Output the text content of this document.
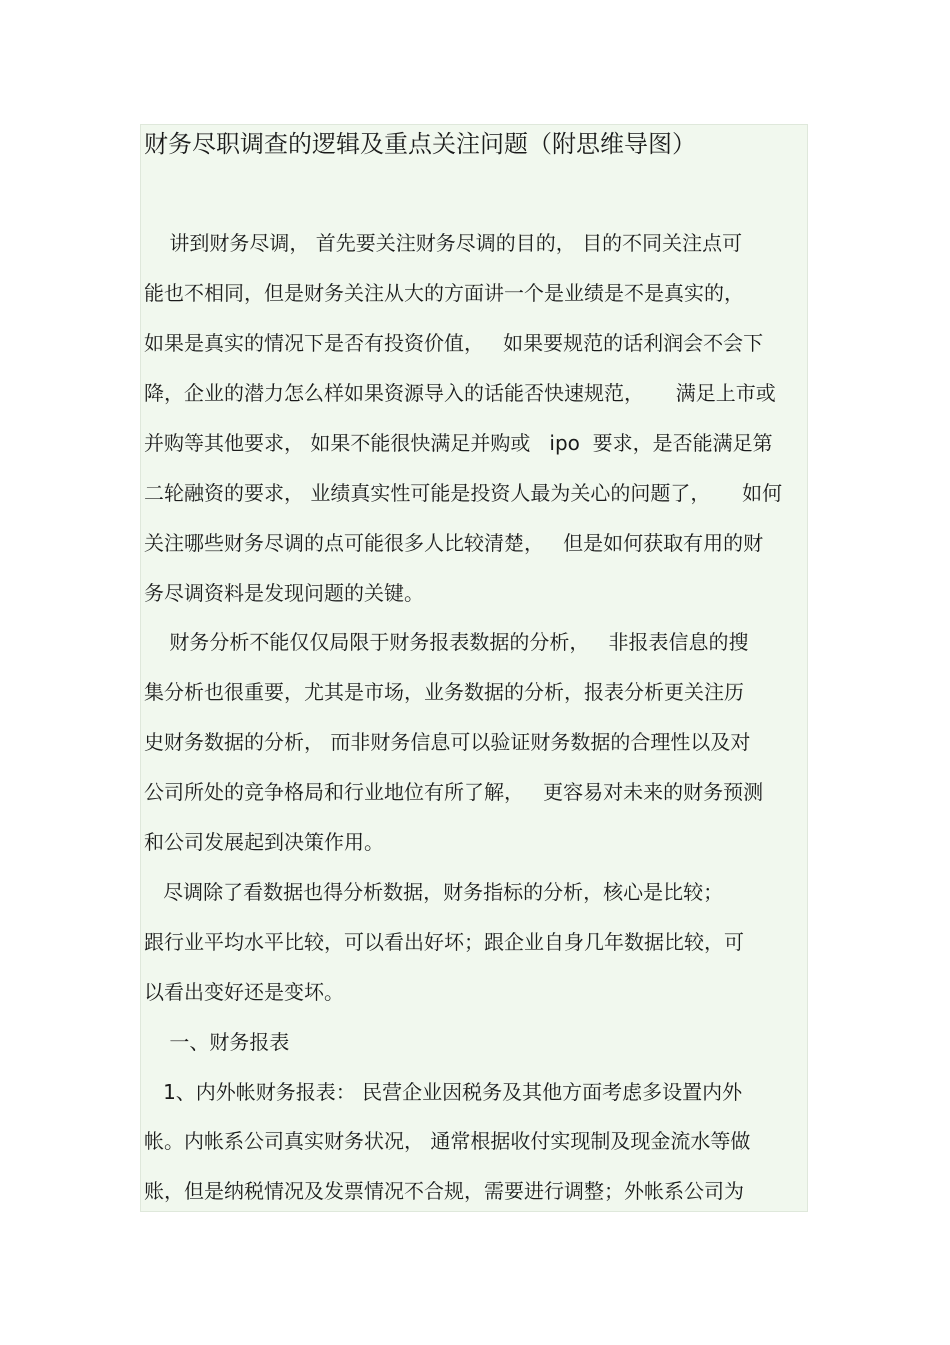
财务尽职调查的逻辑及重点关注问题（附思维导图）
讲到财务尽调， 首先要关注财务尽调的目的， 目的不同关注点可
能也不相同，但是财务关注从大的方面讲一个是业绩是不是真实的，
如果是真实的情况下是否有投资价值，   如果要规范的话利润会不会下
降，企业的潜力怎么样如果资源导入的话能否快速规范，     满足上市或
并购等其他要求， 如果不能很快满足并购或   ipo  要求，是否能满足第
二轮融资的要求， 业绩真实性可能是投资人最为关心的问题了，     如何
关注哪些财务尽调的点可能很多人比较清楚，   但是如何获取有用的财
务尽调资料是发现问题的关键。
财务分析不能仅仅局限于财务报表数据的分析，   非报表信息的搜
集分析也很重要，尤其是市场，业务数据的分析，报表分析更关注历
史财务数据的分析， 而非财务信息可以验证财务数据的合理性以及对
公司所处的竞争格局和行业地位有所了解，   更容易对未来的财务预测
和公司发展起到决策作用。
尽调除了看数据也得分析数据，财务指标的分析，核心是比较；
跟行业平均水平比较，可以看出好坏；跟企业自身几年数据比较，可
以看出变好还是变坏。
一、财务报表
1、内外帐财务报表： 民营企业因税务及其他方面考虑多设置内外
帐。内帐系公司真实财务状况， 通常根据收付实现制及现金流水等做
账，但是纳税情况及发票情况不合规，需要进行调整；外帐系公司为
